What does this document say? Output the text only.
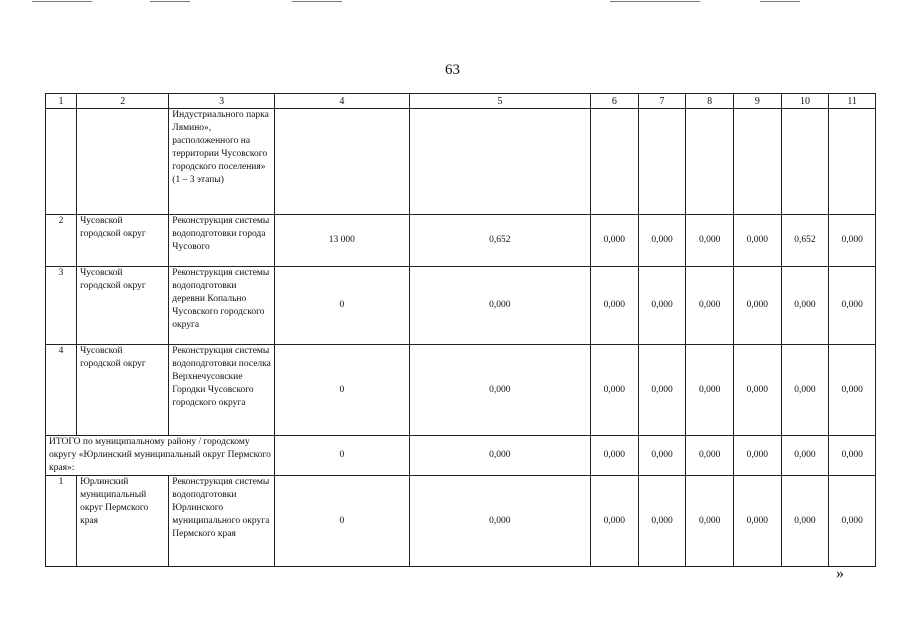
63
1	2	3	4	5	6	7	8	9	10	11
		Индустриального парка Лямино», расположенного на территории Чусовского городского поселения» (1 – 3 этапы)								
2	Чусовской городской округ	Реконструкция системы водоподготовки города Чусового	13 000	0,652	0,000	0,000	0,000	0,000	0,652	0,000
3	Чусовской городской округ	Реконструкция системы водоподготовки деревни Копально Чусовского городского округа	0	0,000	0,000	0,000	0,000	0,000	0,000	0,000
4	Чусовской городской округ	Реконструкция системы водоподготовки поселка Верхнечусовские Городки Чусовского городского округа	0	0,000	0,000	0,000	0,000	0,000	0,000	0,000
ИТОГО по муниципальному району / городскому округу «Юрлинский муниципальный округ Пермского края»:			0	0,000	0,000	0,000	0,000	0,000	0,000	0,000
1	Юрлинский муниципальный округ Пермского края	Реконструкция системы водоподготовки Юрлинского муниципального округа Пермского края	0	0,000	0,000	0,000	0,000	0,000	0,000	0,000
»
